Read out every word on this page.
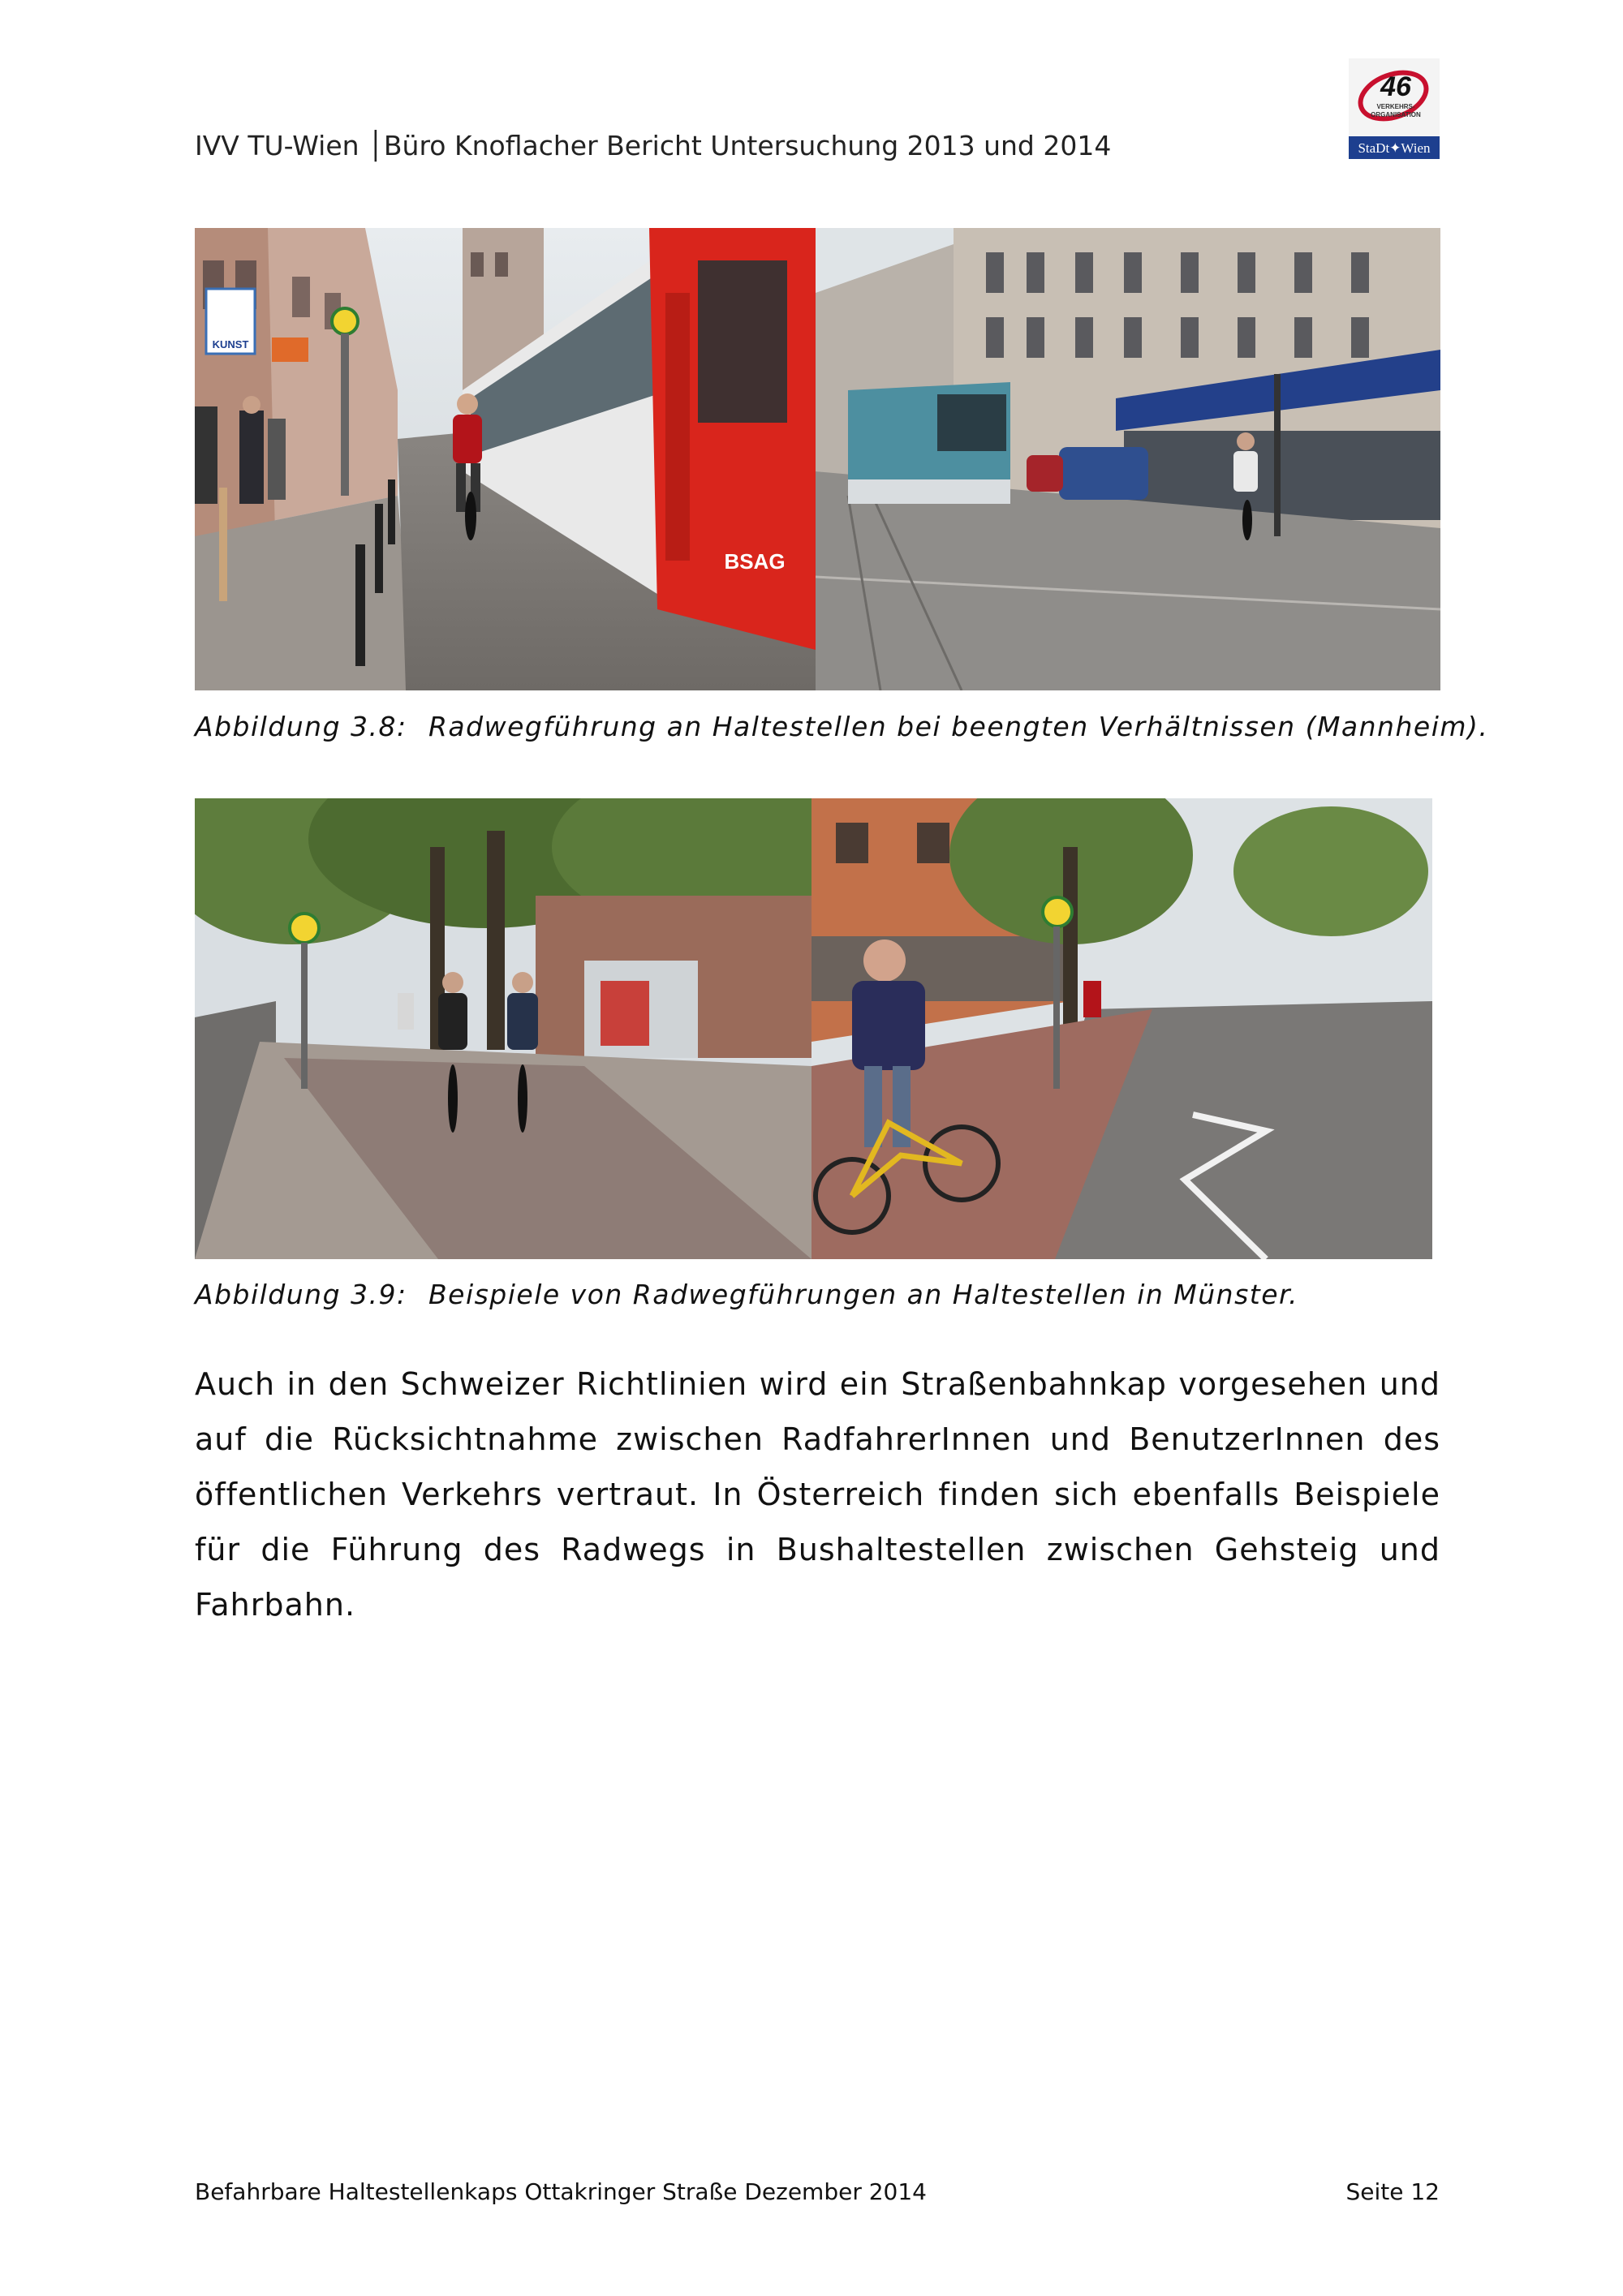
IVV TU-Wien │Büro Knoflacher Bericht Untersuchung 2013 und 2014
46
VERKEHRS-
ORGANISATION
StaDt✦Wien
KUNST
BSAG
Abbildung 3.8: Radwegführung an Haltestellen bei beengten Verhältnissen (Mannheim).
Abbildung 3.9: Beispiele von Radwegführungen an Haltestellen in Münster.
Auch in den Schweizer Richtlinien wird ein Straßenbahnkap vorgesehen und auf die Rücksichtnahme zwischen RadfahrerInnen und BenutzerInnen des öffentlichen Verkehrs vertraut. In Österreich finden sich ebenfalls Beispiele für die Führung des Radwegs in Bushaltestellen zwischen Gehsteig und Fahrbahn.
Befahrbare Haltestellenkaps Ottakringer Straße Dezember 2014	Seite 12
